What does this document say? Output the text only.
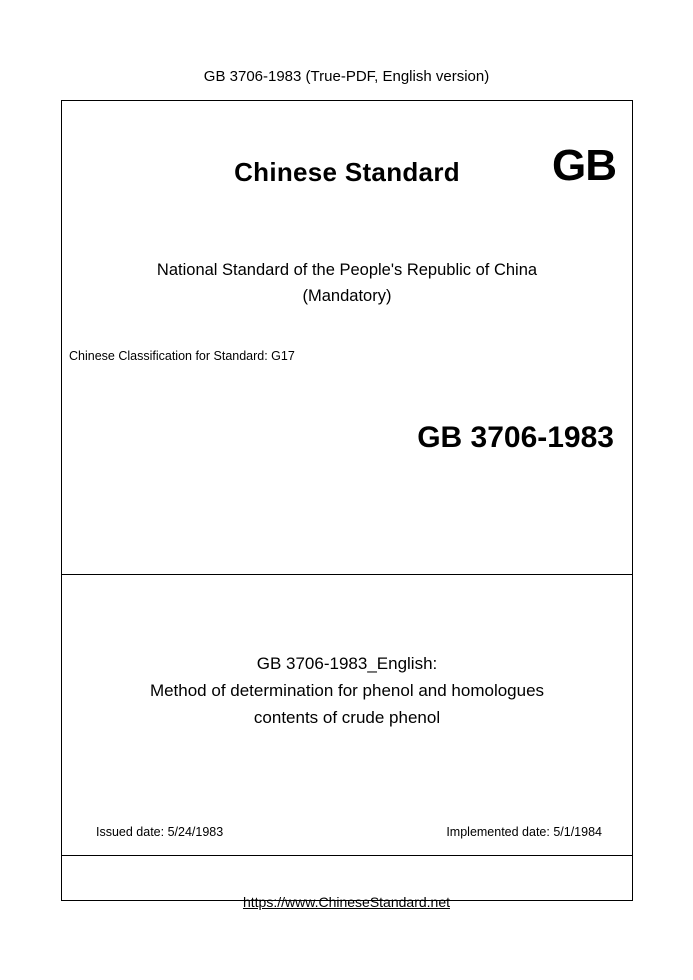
GB 3706-1983 (True-PDF, English version)
Chinese Standard	GB
National Standard of the People's Republic of China
(Mandatory)
Chinese Classification for Standard: G17
GB 3706-1983
GB 3706-1983_English:
Method of determination for phenol and homologues
contents of crude phenol
Issued date: 5/24/1983	Implemented date: 5/1/1984
https://www.ChineseStandard.net
